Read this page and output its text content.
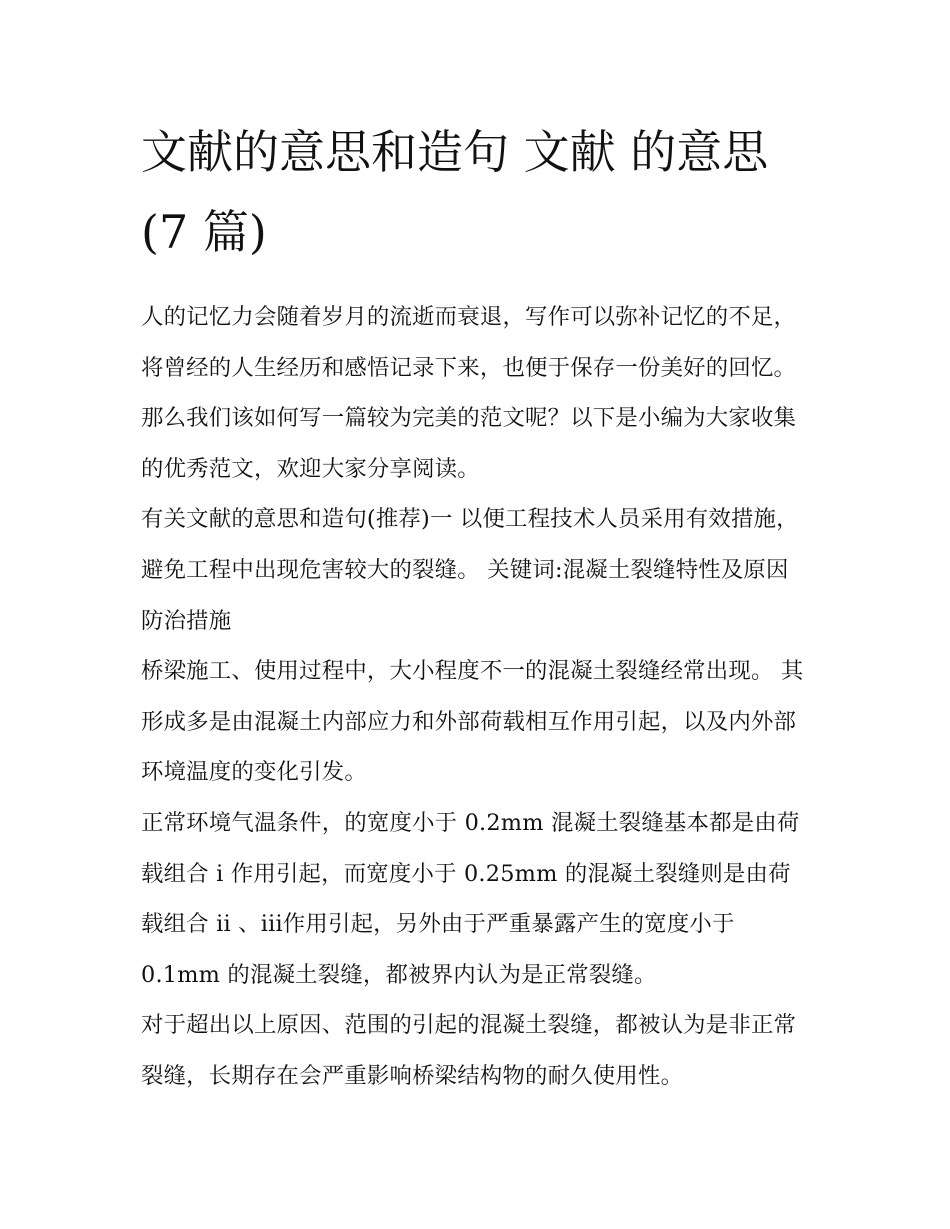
文献的意思和造句 文献 的意思(7 篇)

人的记忆力会随着岁月的流逝而衰退，写作可以弥补记忆的不足，将曾经的人生经历和感悟记录下来，也便于保存一份美好的回忆。那么我们该如何写一篇较为完美的范文呢？以下是小编为大家收集的优秀范文，欢迎大家分享阅读。

有关文献的意思和造句(推荐)一 以便工程技术人员采用有效措施，避免工程中出现危害较大的裂缝。 关键词:混凝土裂缝特性及原因 防治措施

桥梁施工、使用过程中，大小程度不一的混凝土裂缝经常出现。 其形成多是由混凝土内部应力和外部荷载相互作用引起，以及内外部环境温度的变化引发。

正常环境气温条件，的宽度小于 0.2mm 混凝土裂缝基本都是由荷载组合 i 作用引起，而宽度小于 0.25mm 的混凝土裂缝则是由荷载组合 ii 、iii作用引起，另外由于严重暴露产生的宽度小于 0.1mm 的混凝土裂缝，都被界内认为是正常裂缝。

对于超出以上原因、范围的引起的混凝土裂缝，都被认为是非正常裂缝，长期存在会严重影响桥梁结构物的耐久使用性。
